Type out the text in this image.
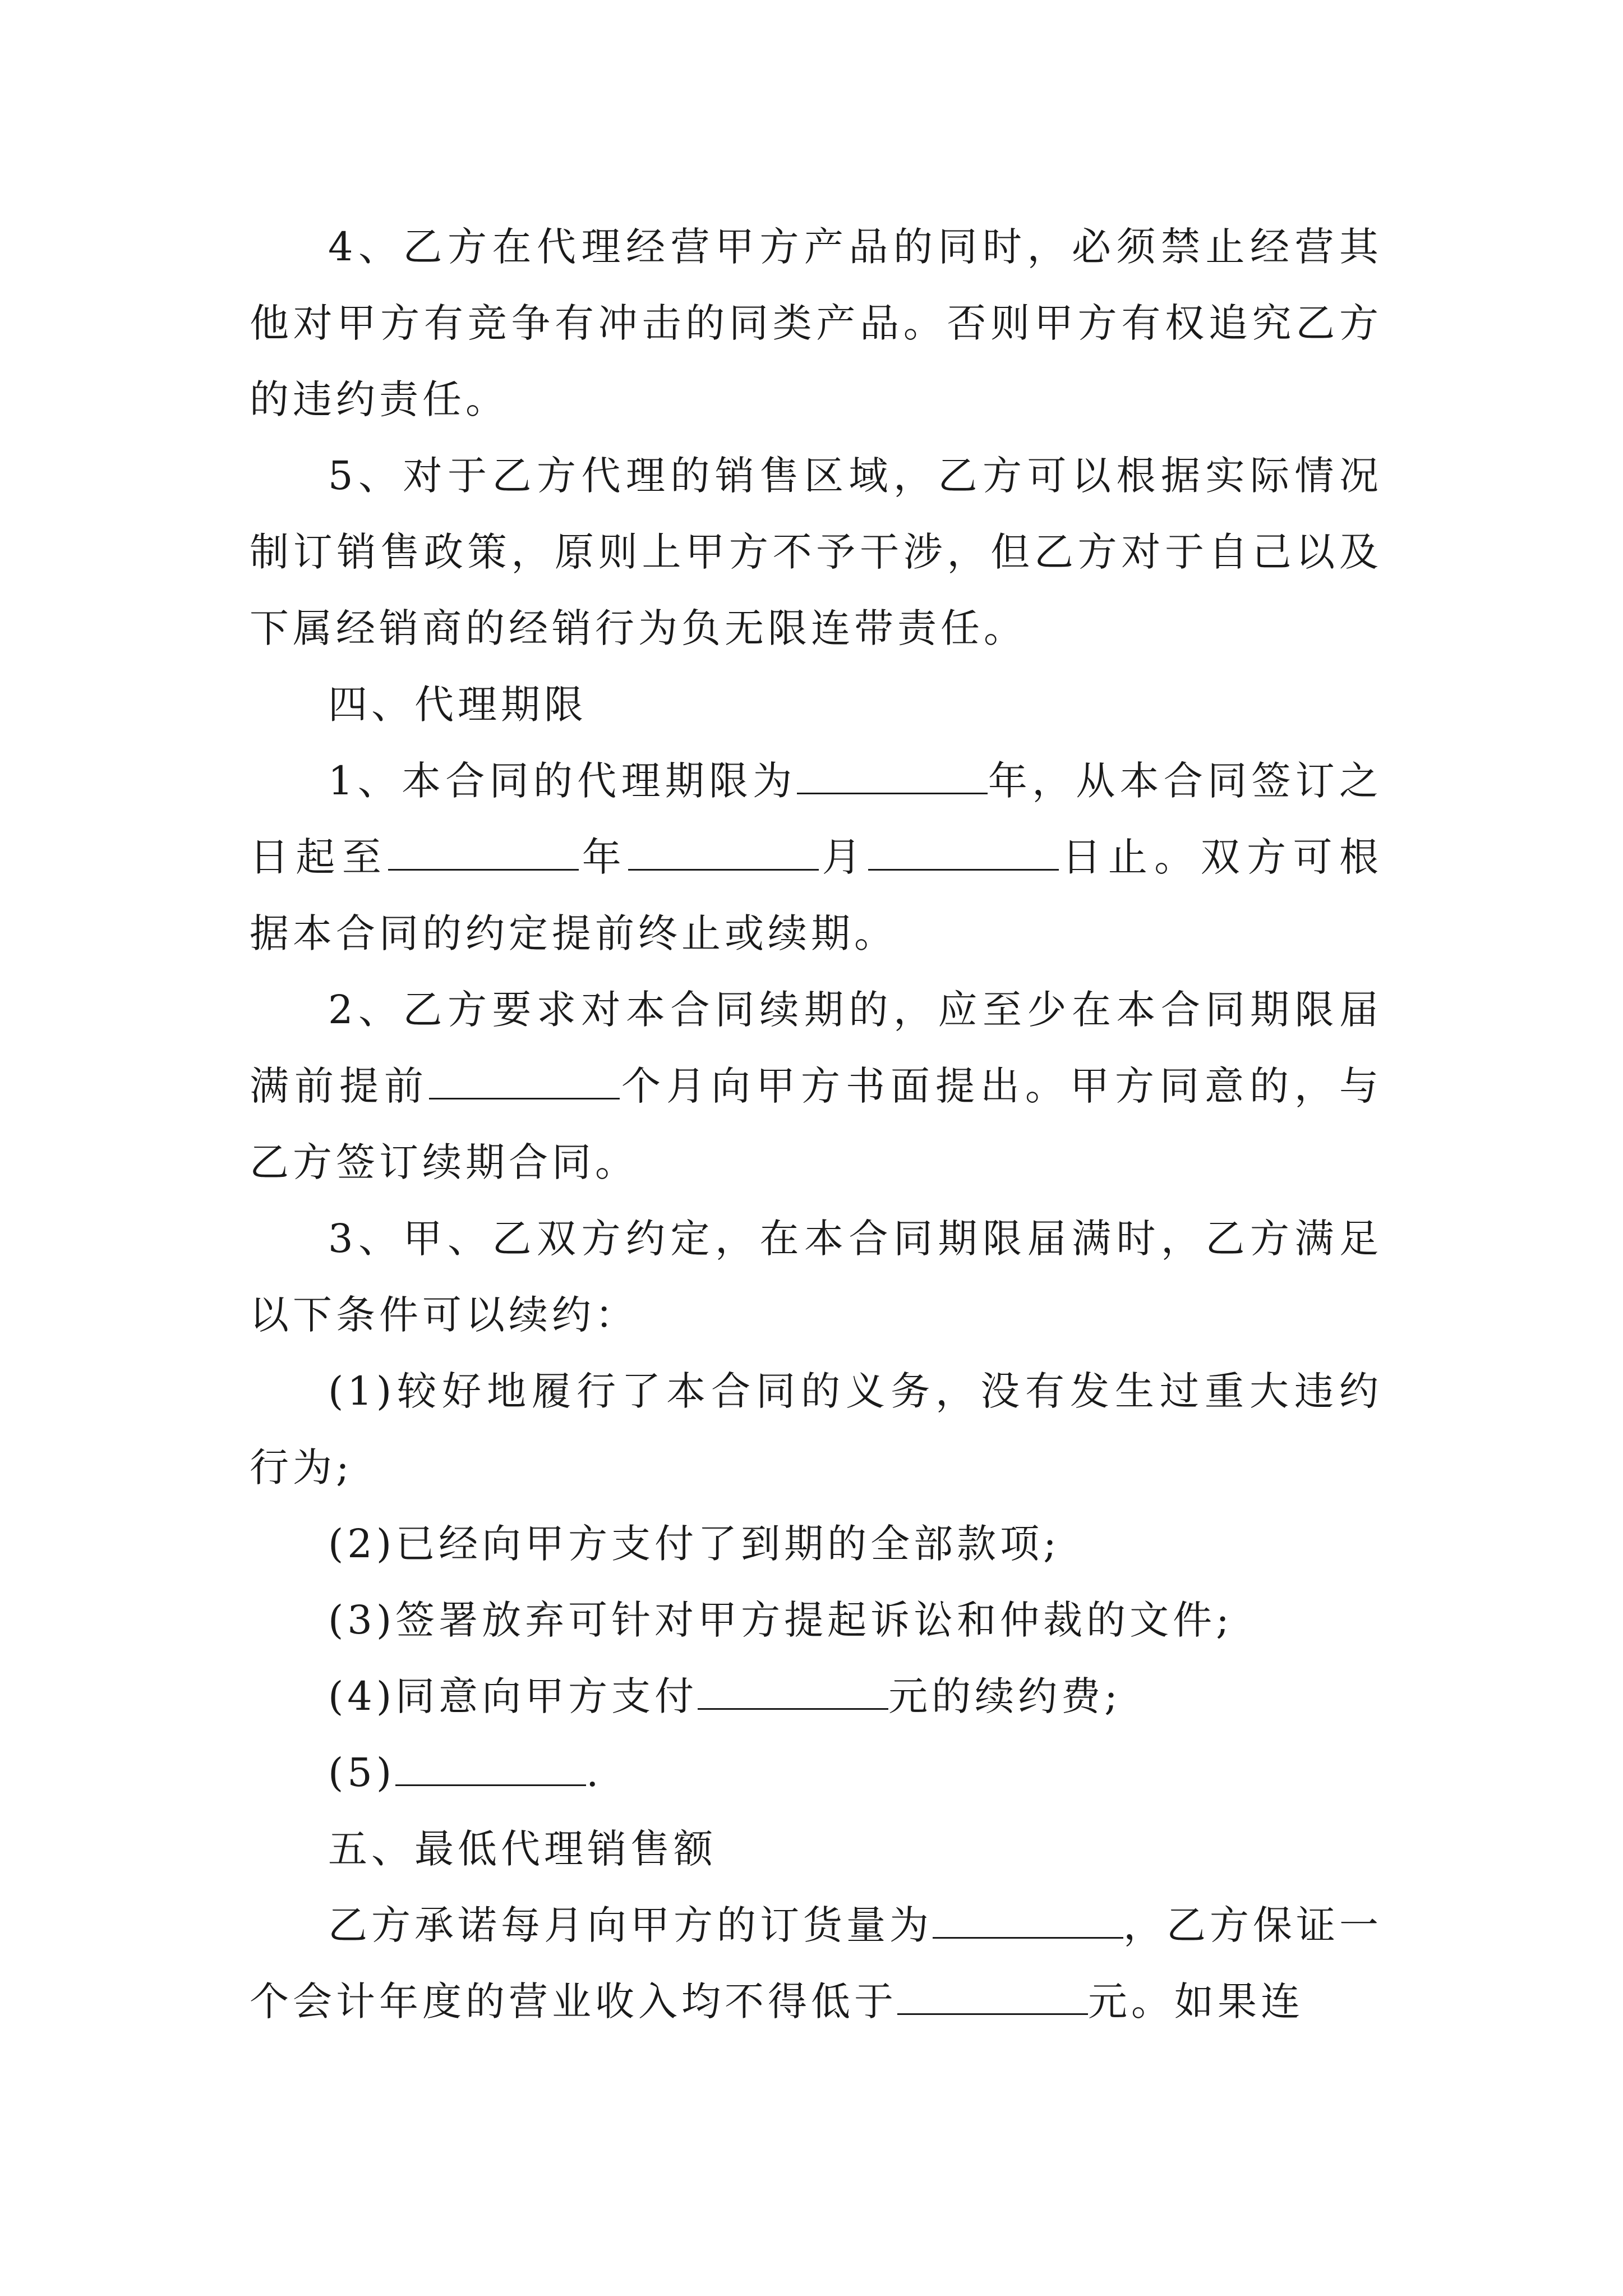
4、乙方在代理经营甲方产品的同时，必须禁止经营其他对甲方有竞争有冲击的同类产品。否则甲方有权追究乙方的违约责任。

5、对于乙方代理的销售区域，乙方可以根据实际情况制订销售政策，原则上甲方不予干涉，但乙方对于自己以及下属经销商的经销行为负无限连带责任。

四、代理期限

1、本合同的代理期限为	年，从本合同签订之日起至	年	月	日止。双方可根据本合同的约定提前终止或续期。

2、乙方要求对本合同续期的，应至少在本合同期限届满前提前	个月向甲方书面提出。甲方同意的，与乙方签订续期合同。

3、甲、乙双方约定，在本合同期限届满时，乙方满足以下条件可以续约：

(1)较好地履行了本合同的义务，没有发生过重大违约行为;

(2)已经向甲方支付了到期的全部款项;

(3)签署放弃可针对甲方提起诉讼和仲裁的文件;

(4)同意向甲方支付	元的续约费;

(5)	.

五、最低代理销售额

乙方承诺每月向甲方的订货量为	，乙方保证一个会计年度的营业收入均不得低于	元。如果连
